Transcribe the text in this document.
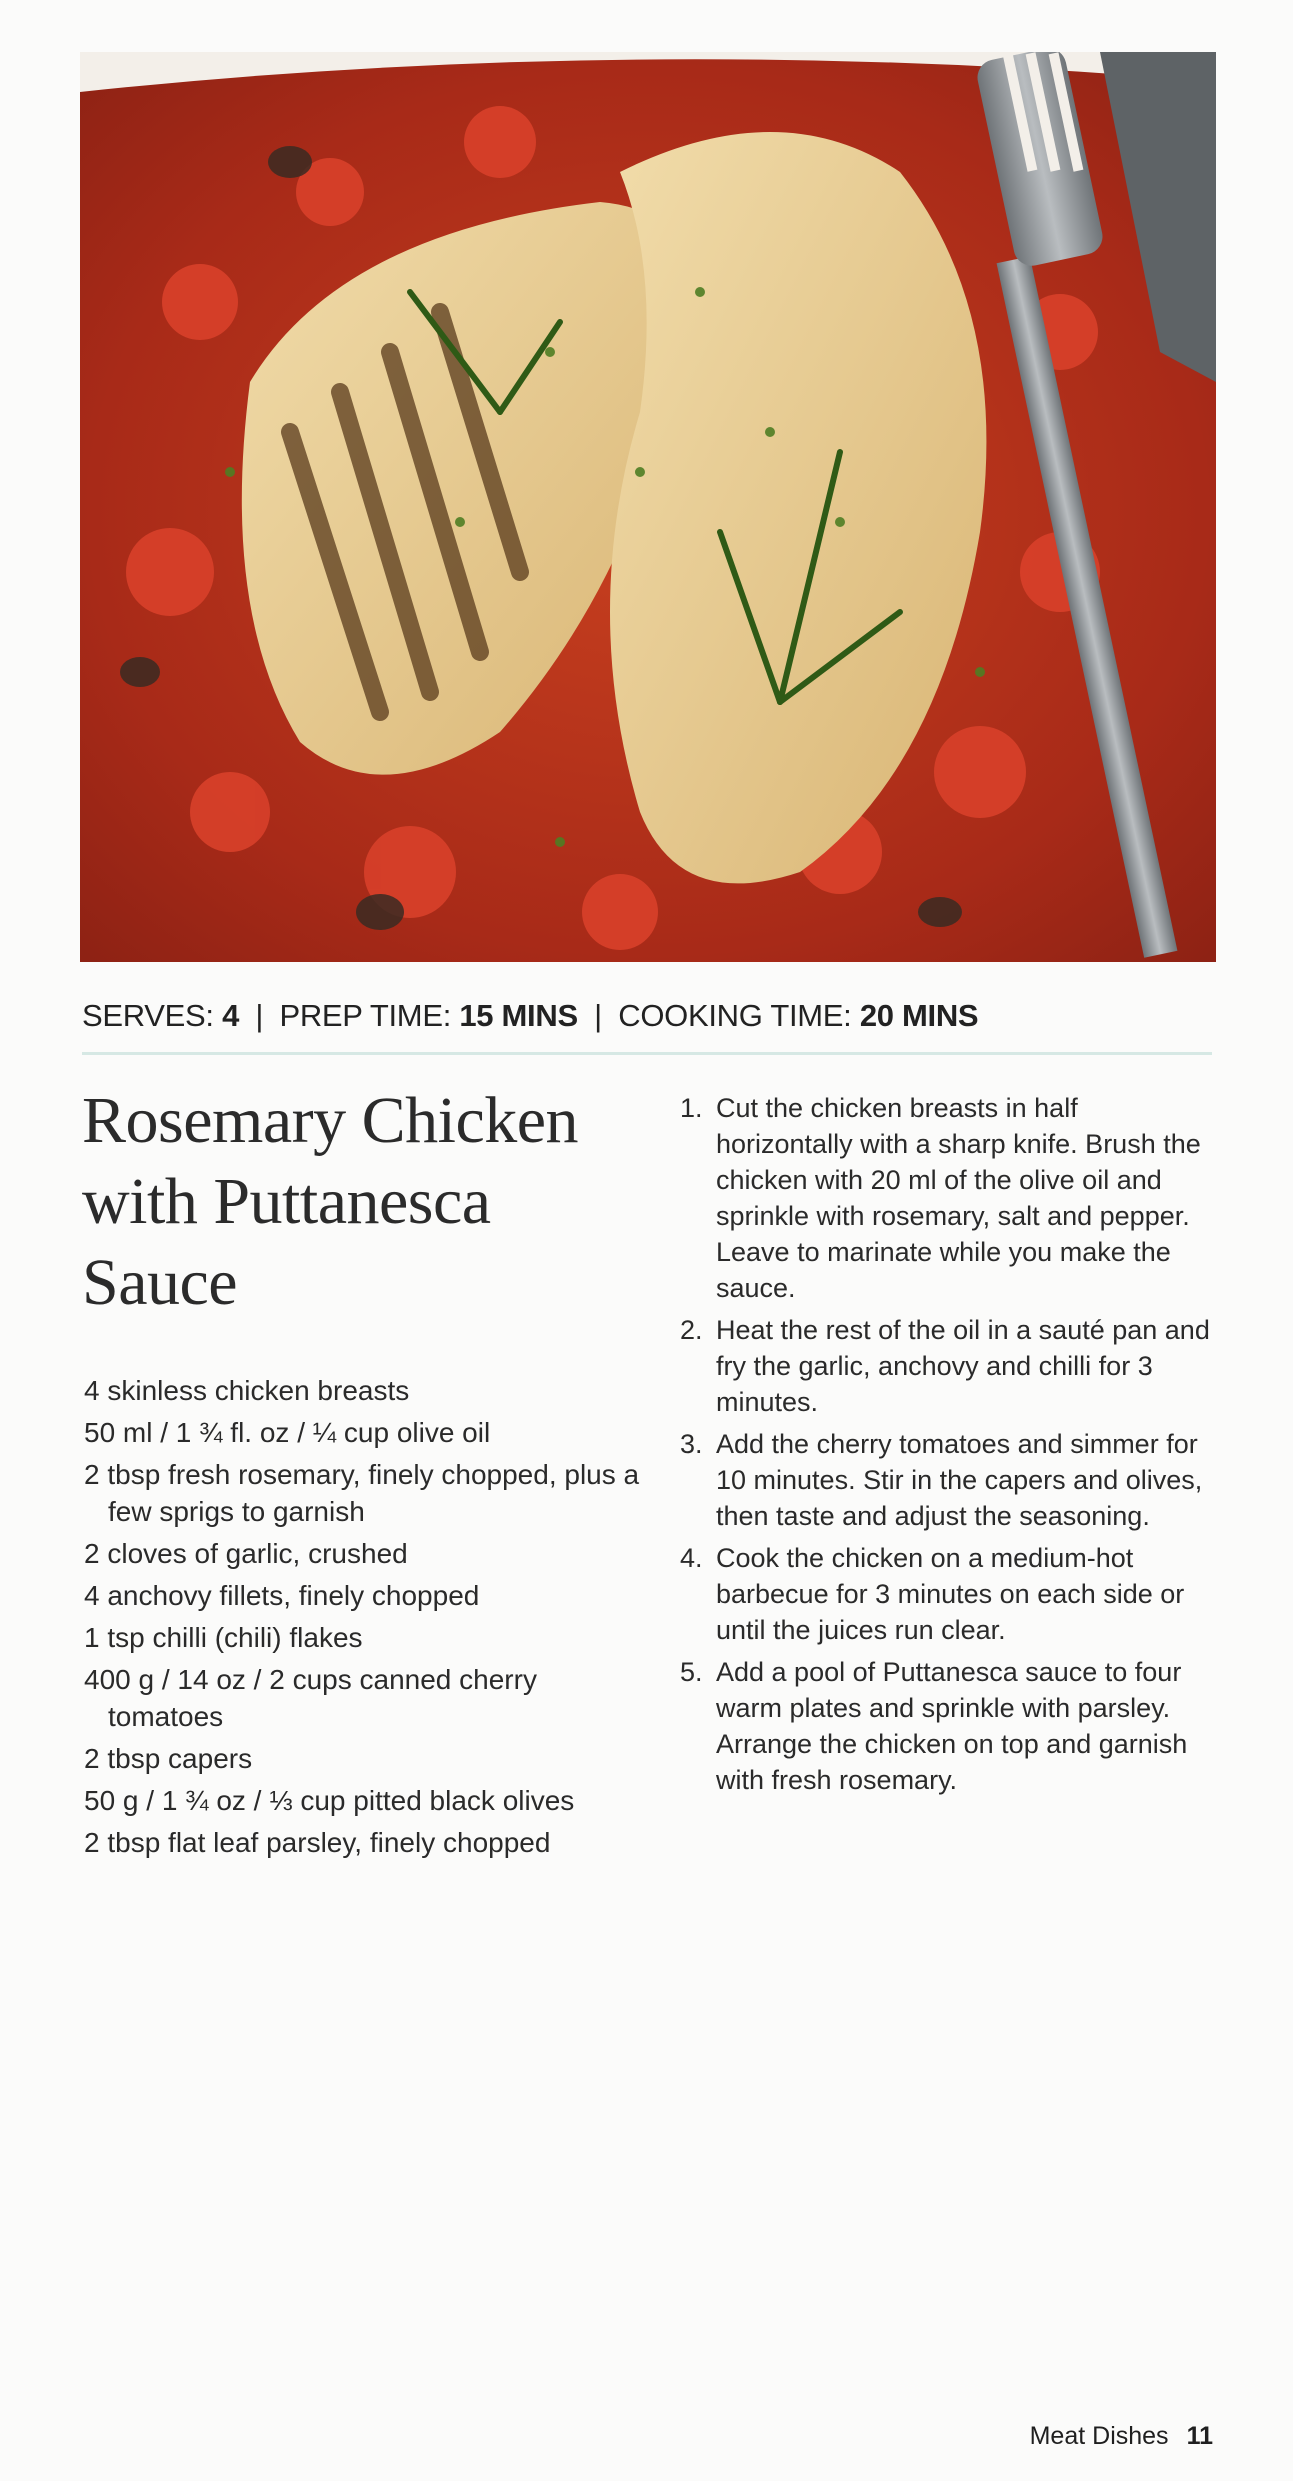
SERVES: 4 | PREP TIME: 15 MINS | COOKING TIME: 20 MINS
Rosemary Chicken with Puttanesca Sauce
4 skinless chicken breasts
50 ml / 1 ¾ fl. oz / ¼ cup olive oil
2 tbsp fresh rosemary, finely chopped, plus a few sprigs to garnish
2 cloves of garlic, crushed
4 anchovy fillets, finely chopped
1 tsp chilli (chili) flakes
400 g / 14 oz / 2 cups canned cherry tomatoes
2 tbsp capers
50 g / 1 ¾ oz / ⅓ cup pitted black olives
2 tbsp flat leaf parsley, finely chopped
1. Cut the chicken breasts in half horizontally with a sharp knife. Brush the chicken with 20 ml of the olive oil and sprinkle with rosemary, salt and pepper. Leave to marinate while you make the sauce.
2. Heat the rest of the oil in a sauté pan and fry the garlic, anchovy and chilli for 3 minutes.
3. Add the cherry tomatoes and simmer for 10 minutes. Stir in the capers and olives, then taste and adjust the seasoning.
4. Cook the chicken on a medium-hot barbecue for 3 minutes on each side or until the juices run clear.
5. Add a pool of Puttanesca sauce to four warm plates and sprinkle with parsley. Arrange the chicken on top and garnish with fresh rosemary.
Meat Dishes 11
